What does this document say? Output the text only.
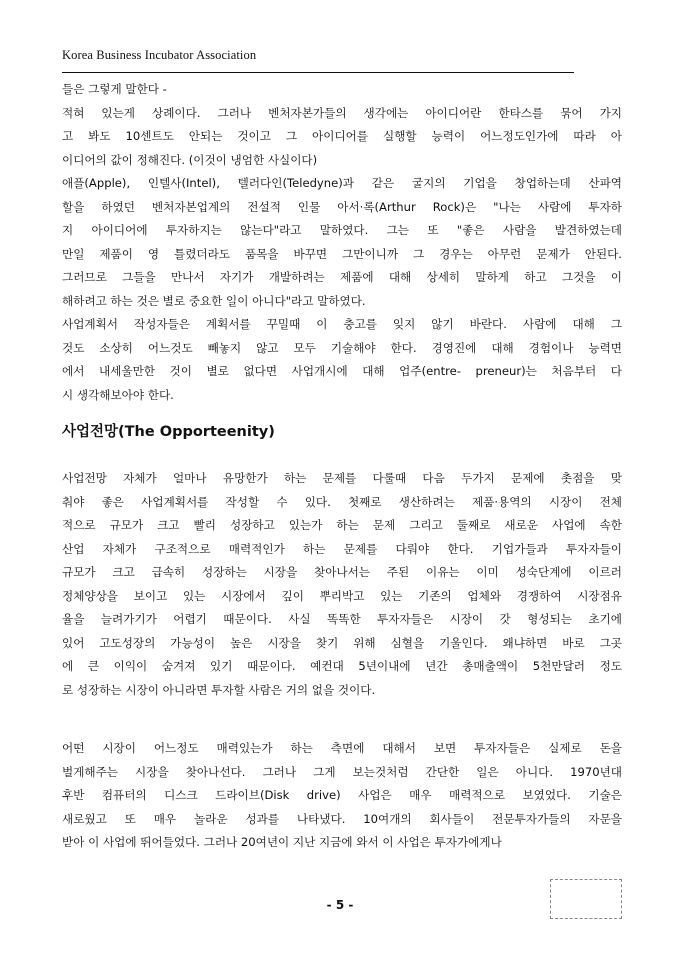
Korea Business Incubator Association
들은 그렇게 말한다 -
적혀 있는게 상례이다. 그러나 벤처자본가들의 생각에는 아이디어란 한타스를 묶어 가지
고 봐도 10센트도 안되는 것이고 그 아이디어를 실행할 능력이 어느정도인가에 따라 아
이디어의 값이 정해진다. (이것이 냉엄한 사실이다)
애플(Apple), 인텔사(Intel), 텔러다인(Teledyne)과 같은 굴지의 기업을 창업하는데 산파역
할을 하였던 벤처자본업계의 전설적 인물 아서·록(Arthur Rock)은 "나는 사람에 투자하
지 아이디어에 투자하지는 않는다"라고 말하였다. 그는 또 "좋은 사람을 발견하였는데
만일 제품이 영 틀렸더라도 품목을 바꾸면 그만이니까 그 경우는 아무런 문제가 안된다.
그러므로 그들을 만나서 자기가 개발하려는 제품에 대해 상세히 말하게 하고 그것을 이
해하려고 하는 것은 별로 중요한 일이 아니다"라고 말하였다.
사업계획서 작성자들은 계획서를 꾸밀때 이 충고를 잊지 않기 바란다. 사람에 대해 그
것도 소상히 어느것도 빼놓지 않고 모두 기술해야 한다. 경영진에 대해 경험이나 능력면
에서 내세울만한 것이 별로 없다면 사업개시에 대해 업주(entre- preneur)는 처음부터 다
시 생각해보아야 한다.
사업전망(The Opporteenity)
사업전망 자체가 얼마나 유망한가 하는 문제를 다룰때 다음 두가지 문제에 촛점을 맞
춰야 좋은 사업계획서를 작성할 수 있다. 첫째로 생산하려는 제품·용역의 시장이 전체
적으로 규모가 크고 빨리 성장하고 있는가 하는 문제 그리고 둘째로 새로운 사업에 속한
산업 자체가 구조적으로 매력적인가 하는 문제를 다뤄야 한다. 기업가들과 투자자들이
규모가 크고 급속히 성장하는 시장을 찾아나서는 주된 이유는 이미 성숙단계에 이르러
정체양상을 보이고 있는 시장에서 깊이 뿌리박고 있는 기존의 업체와 경쟁하여 시장점유
율을 늘려가기가 어렵기 때문이다. 사실 똑똑한 투자자들은 시장이 갓 형성되는 초기에
있어 고도성장의 가능성이 높은 시장을 찾기 위해 심혈을 기울인다. 왜냐하면 바로 그곳
에 큰 이익이 숨겨져 있기 때문이다. 예컨대 5년이내에 년간 총매출액이 5천만달러 정도
로 성장하는 시장이 아니라면 투자할 사람은 거의 없을 것이다.
어떤 시장이 어느정도 매력있는가 하는 측면에 대해서 보면 투자자들은 실제로 돈을
벌게해주는 시장을 찾아나선다. 그러나 그게 보는것처럼 간단한 일은 아니다. 1970년대
후반 컴퓨터의 디스크 드라이브(Disk drive) 사업은 매우 매력적으로 보였었다. 기술은
새로웠고 또 매우 놀라운 성과를 나타냈다. 10여개의 회사들이 전문투자가들의 자문을
받아 이 사업에 뛰어들었다. 그러나 20여년이 지난 지금에 와서 이 사업은 투자가에게나
- 5 -
